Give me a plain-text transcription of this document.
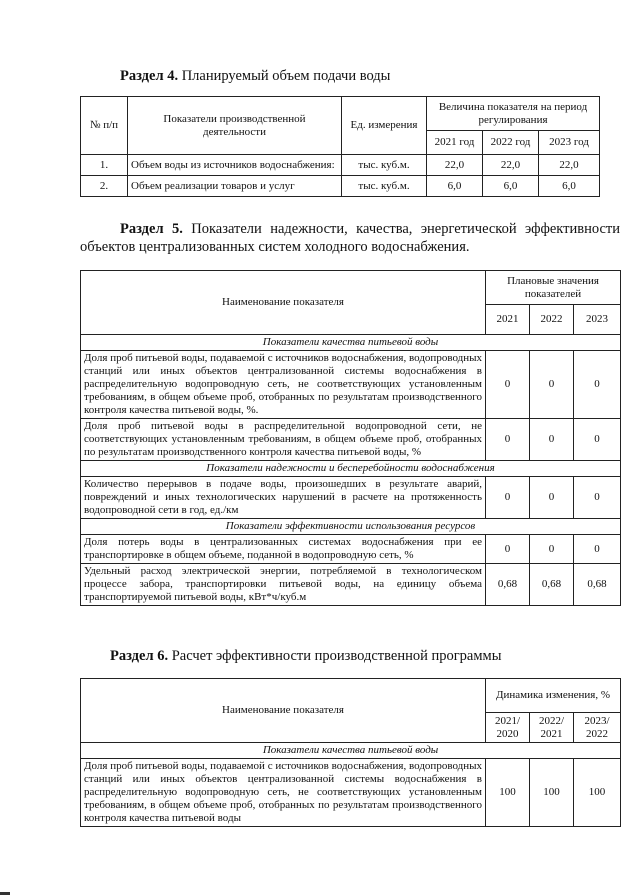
Раздел 4. Планируемый объем подачи воды
№ п/п	Показатели производственной деятельности	Ед. измерения	Величина показателя на период регулирования		
			2021 год	2022 год	2023 год
1.	Объем воды из источников водоснабжения:	тыс. куб.м.	22,0	22,0	22,0
2.	Объем реализации товаров и услуг	тыс. куб.м.	6,0	6,0	6,0
Раздел 5. Показатели надежности, качества, энергетической эффективности объектов централизованных систем холодного водоснабжения.
Наименование показателя	Плановые значения показателей		
	2021	2022	2023
Показатели качества питьевой воды			
Доля проб питьевой воды, подаваемой с источников водоснабжения, водопроводных станций или иных объектов централизованной системы водоснабжения в распределительную водопроводную сеть, не соответствующих установленным требованиям, в общем объеме проб, отобранных по результатам производственного контроля качества питьевой воды, %.	0	0	0
Доля проб питьевой воды в распределительной водопроводной сети, не соответствующих установленным требованиям, в общем объеме проб, отобранных по результатам производственного контроля качества питьевой воды, %	0	0	0
Показатели надежности и бесперебойности водоснабжения			
Количество перерывов в подаче воды, произошедших в результате аварий, повреждений и иных технологических нарушений в расчете на протяженность водопроводной сети в год, ед./км	0	0	0
Показатели эффективности использования ресурсов			
Доля потерь воды в централизованных системах водоснабжения при ее транспортировке в общем объеме, поданной в водопроводную сеть, %	0	0	0
Удельный расход электрической энергии, потребляемой в технологическом процессе забора, транспортировки питьевой воды, на единицу объема транспортируемой питьевой воды, кВт*ч/куб.м	0,68	0,68	0,68
Раздел 6. Расчет эффективности производственной программы
Наименование показателя	Динамика изменения, %		
	2021/ 2020	2022/ 2021	2023/ 2022
Показатели качества питьевой воды			
Доля проб питьевой воды, подаваемой с источников водоснабжения, водопроводных станций или иных объектов централизованной системы водоснабжения в распределительную водопроводную сеть, не соответствующих установленным требованиям, в общем объеме проб, отобранных по результатам производственного контроля качества питьевой воды	100	100	100
